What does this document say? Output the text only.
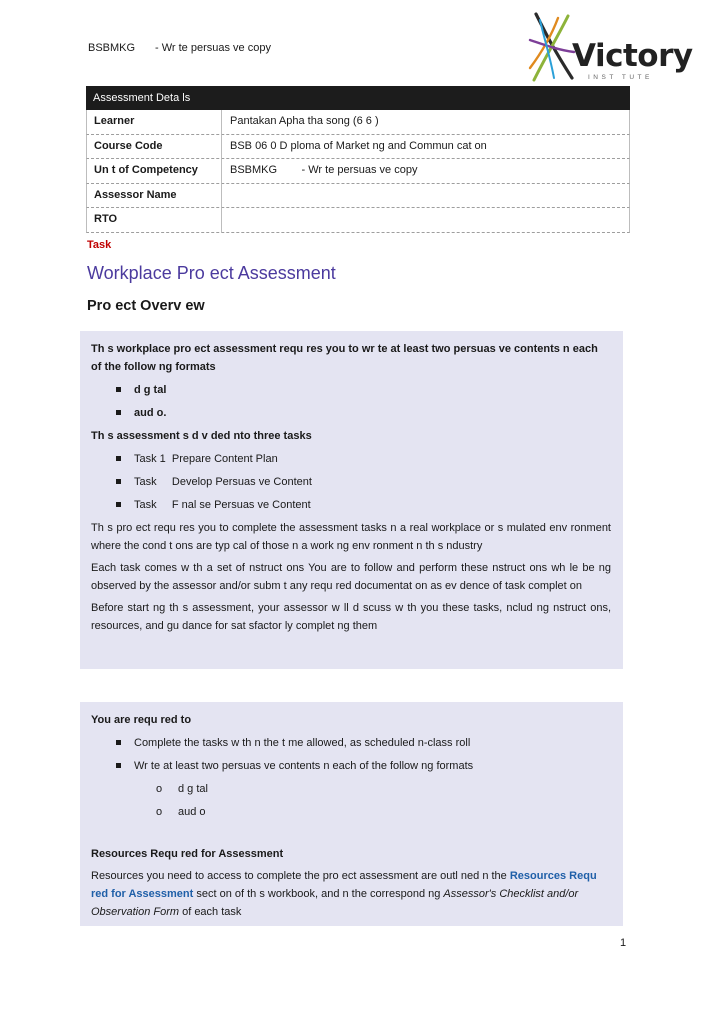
BSBMKG - Wr te persuas ve copy	Victory
INST TUTE
Assessment Deta ls
Learner	Pantakan Apha tha song (6 6 )
Course Code	BSB 06 0 D ploma of Market ng and Commun cat on
Un t of Competency	BSBMKG        - Wr te persuas ve copy
Assessor Name
RTO
Task
Workplace Pro ect Assessment
Pro ect Overv ew

Th s workplace pro ect assessment requ res you to wr te at least two persuas ve contents n each of the follow ng formats

d g tal
aud o.

Th s assessment s d v ded nto three tasks

Task 1  Prepare Content Plan
Task     Develop Persuas ve Content
Task     F nal se Persuas ve Content

Th s pro ect requ res you to complete the assessment tasks n a real workplace or s mulated env ronment where the cond t ons are typ cal of those n a work ng env ronment n th s ndustry

Each task comes w th a set of nstruct ons You are to follow and perform these nstruct ons wh le be ng observed by the assessor and/or subm t any requ red documentat on as ev dence of task complet on

Before start ng th s assessment, your assessor w ll d scuss w th you these tasks, nclud ng nstruct ons, resources, and gu dance for sat sfactor ly complet ng them

You are requ red to

Complete the tasks w th n the t me allowed, as scheduled n-class roll
Wr te at least two persuas ve contents n each of the follow ng formats
o d g tal
o aud o

Resources Requ red for Assessment

Resources you need to access to complete the pro ect assessment are outl ned n the Resources Requ red for Assessment sect on of th s workbook, and n the correspond ng Assessor's Checklist and/or Observation Form of each task

1
